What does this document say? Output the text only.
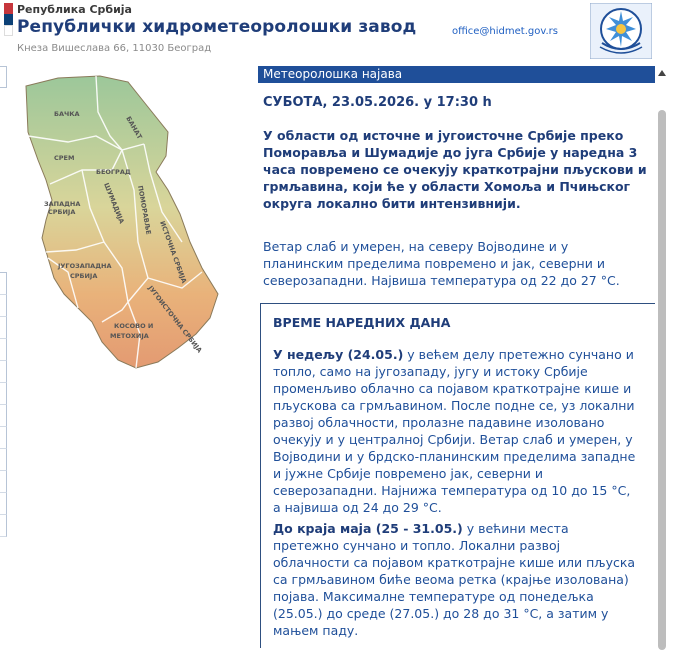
Република Србија
Републички хидрометеоролошки завод
Кнеза Вишеслава 66, 11030 Београд
office@hidmet.gov.rs
БАЧКА
БАНАТ
СРЕМ
БЕОГРАД
ЗАПАДНА
СРБИЈА	ШУМАДИЈА ПОМОРАВЉЕ
ИСТОЧНА СРБИЈА
ЈУГОЗАПАДНА
СРБИЈА
ЈУГОИСТОЧНА СРБИЈА
КОСОВО И
МЕТОХИЈА
Метеоролошка најава
СУБОТА, 23.05.2026. у 17:30 h
У области од источне и југоисточне Србије преко Поморавља и Шумадије до југа Србије у наредна 3 часа повремено се очекују краткотрајни пљускови и грмљавина, који ће у области Хомоља и Пчињског округа локално бити интензивнији.
Ветар слаб и умерен, на северу Војводине и у планинским пределима повремено и јак, северни и северозападни. Највиша температура од 22 до 27 °C.
ВРЕМЕ НАРЕДНИХ ДАНА
У недељу (24.05.) у већем делу претежно сунчано и топло, само на југозападу, југу и истоку Србије променљиво облачно са појавом краткотрајне кише и пљускова са грмљавином. После подне се, уз локални развој облачности, пролазне падавине изоловано очекују и у централној Србији. Ветар слаб и умерен, у Војводини и у брдско-планинским пределима западне и јужне Србије повремено јак, северни и северозападни. Најнижа температура од 10 до 15 °C, а највиша од 24 до 29 °C.
До краја маја (25 - 31.05.) у већини места претежно сунчано и топло. Локални развој облачности са појавом краткотрајне кише или пљуска са грмљавином биће веома ретка (крајње изолована) појава. Максималне температуре од понедељка (25.05.) до среде (27.05.) до 28 до 31 °C, а затим у мањем паду.
